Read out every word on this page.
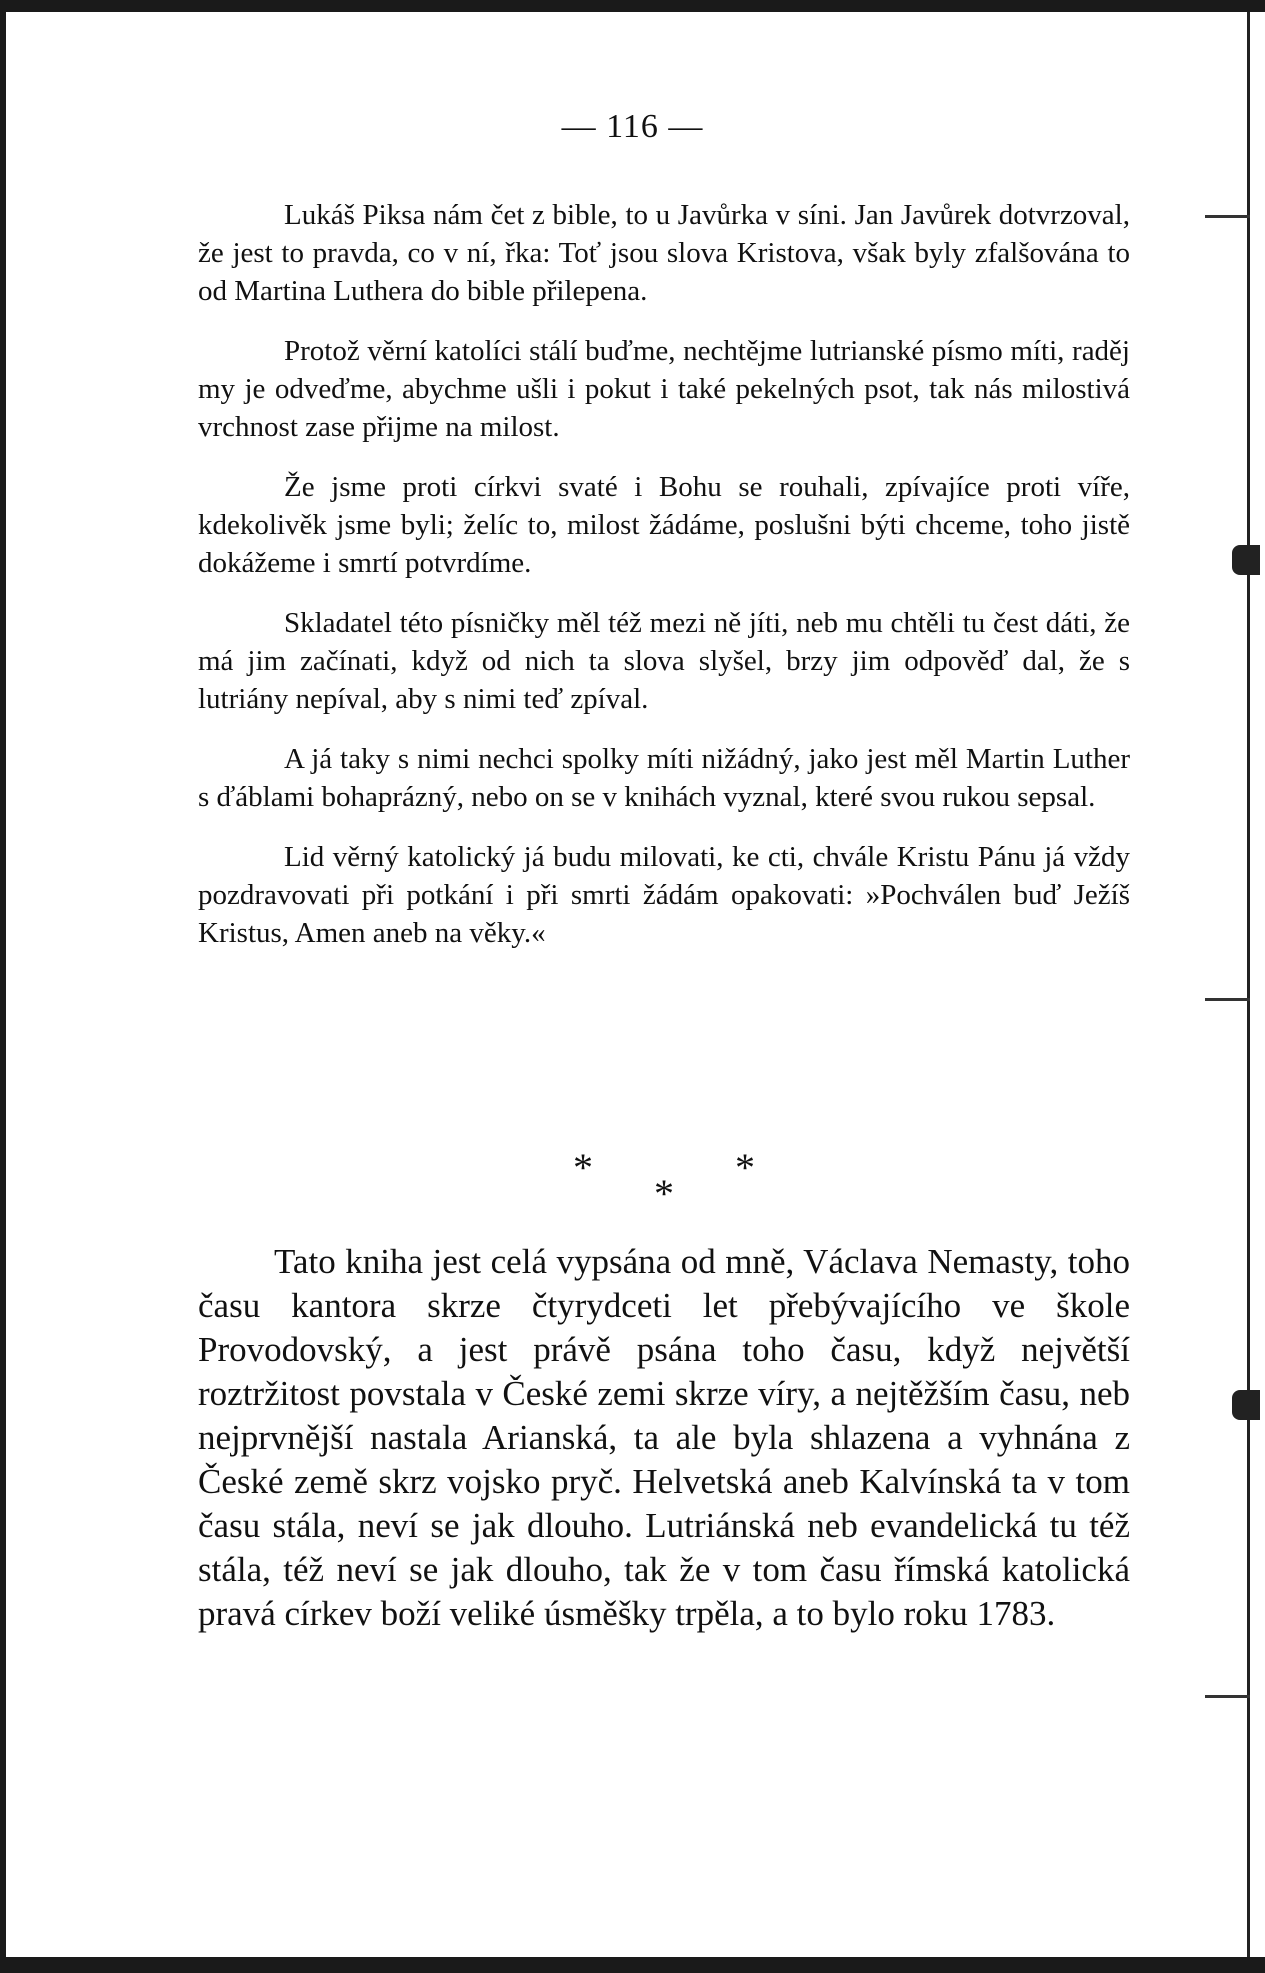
— 116 —

Lukáš Piksa nám čet z bible, to u Javůrka v síni. Jan Javůrek dotvrzoval, že jest to pravda, co v ní, řka: Toť jsou slova Kristova, však byly zfalšována to od Martina Luthera do bible přilepena.

Protož věrní katolíci stálí buďme, nechtějme lutrianské písmo míti, raděj my je odveďme, abychme ušli i pokut i také pekelných psot, tak nás milostivá vrchnost zase přijme na milost.

Že jsme proti církvi svaté i Bohu se rouhali, zpívajíce proti víře, kdekolivěk jsme byli; želíc to, milost žádáme, poslušni býti chceme, toho jistě dokážeme i smrtí potvrdíme.

Skladatel této písničky měl též mezi ně jíti, neb mu chtěli tu čest dáti, že má jim začínati, když od nich ta slova slyšel, brzy jim odpověď dal, že s lutriány nepíval, aby s nimi teď zpíval.

A já taky s nimi nechci spolky míti nižádný, jako jest měl Martin Luther s ďáblami bohaprázný, nebo on se v knihách vyznal, které svou rukou sepsal.

Lid věrný katolický já budu milovati, ke cti, chvále Kristu Pánu já vždy pozdravovati při potkání i při smrti žádám opakovati: »Pochválen buď Ježíš Kristus, Amen aneb na věky.«

*	*
*

Tato kniha jest celá vypsána od mně, Václava Nemasty, toho času kantora skrze čtyrydceti let přebývajícího ve škole Provodovský, a jest právě psána toho času, když největší roztržitost povstala v České zemi skrze víry, a nejtěžším času, neb nejprvnější nastala Arianská, ta ale byla shlazena a vyhnána z České země skrz vojsko pryč. Helvetská aneb Kalvínská ta v tom času stála, neví se jak dlouho. Lutriánská neb evandelická tu též stála, též neví se jak dlouho, tak že v tom času římská katolická pravá církev boží veliké úsměšky trpěla, a to bylo roku 1783.
